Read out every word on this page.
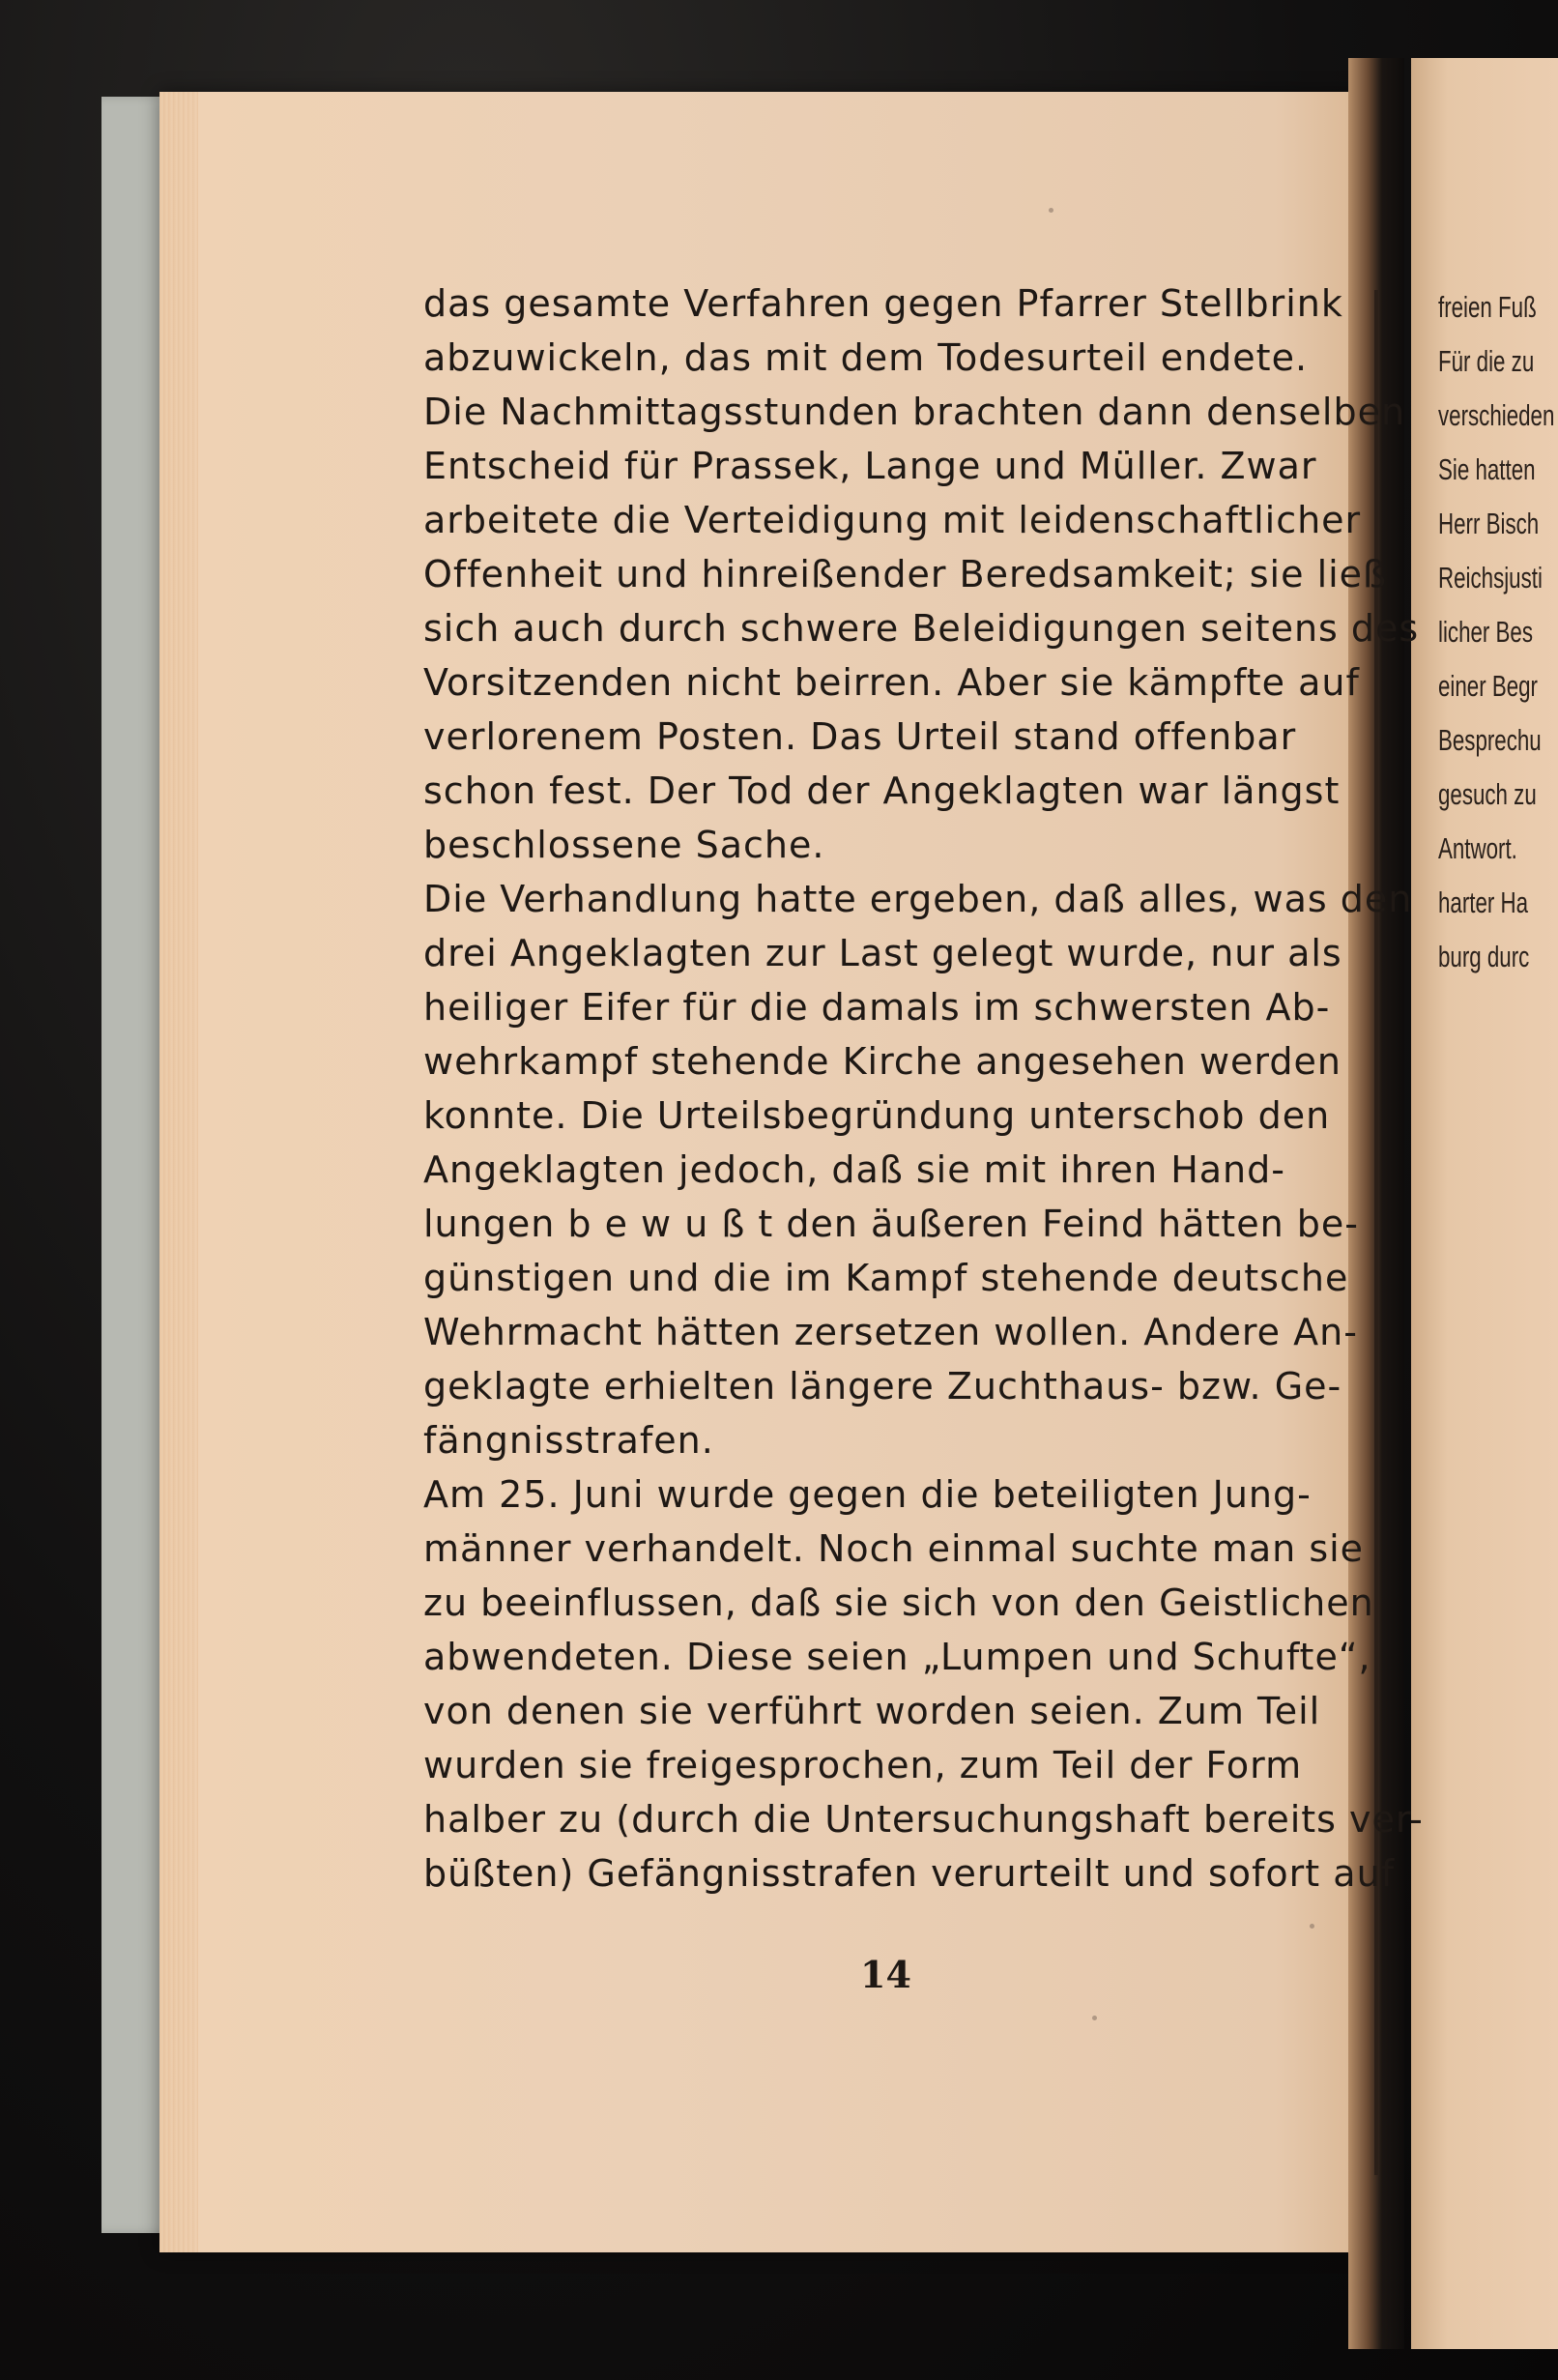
das gesamte Verfahren gegen Pfarrer Stellbrink
abzuwickeln, das mit dem Todesurteil endete.
Die Nachmittagsstunden brachten dann denselben
Entscheid für Prassek, Lange und Müller. Zwar
arbeitete die Verteidigung mit leidenschaftlicher
Offenheit und hinreißender Beredsamkeit; sie ließ
sich auch durch schwere Beleidigungen seitens des
Vorsitzenden nicht beirren. Aber sie kämpfte auf
verlorenem Posten. Das Urteil stand offenbar
schon fest. Der Tod der Angeklagten war längst
beschlossene Sache.
Die Verhandlung hatte ergeben, daß alles, was den
drei Angeklagten zur Last gelegt wurde, nur als
heiliger Eifer für die damals im schwersten Ab-
wehrkampf stehende Kirche angesehen werden
konnte. Die Urteilsbegründung unterschob den
Angeklagten jedoch, daß sie mit ihren Hand-
lungen b e w u ß t den äußeren Feind hätten be-
günstigen und die im Kampf stehende deutsche
Wehrmacht hätten zersetzen wollen. Andere An-
geklagte erhielten längere Zuchthaus- bzw. Ge-
fängnisstrafen.
Am 25. Juni wurde gegen die beteiligten Jung-
männer verhandelt. Noch einmal suchte man sie
zu beeinflussen, daß sie sich von den Geistlichen
abwendeten. Diese seien „Lumpen und Schufte“,
von denen sie verführt worden seien. Zum Teil
wurden sie freigesprochen, zum Teil der Form
halber zu (durch die Untersuchungshaft bereits ver-
büßten) Gefängnisstrafen verurteilt und sofort auf
14
freien Fuß
Für die zu
verschieden
Sie hatten
Herr Bisch
Reichsjusti
licher Bes
einer Begr
Besprechu
gesuch zu
Antwort.
harter Ha
burg durc
